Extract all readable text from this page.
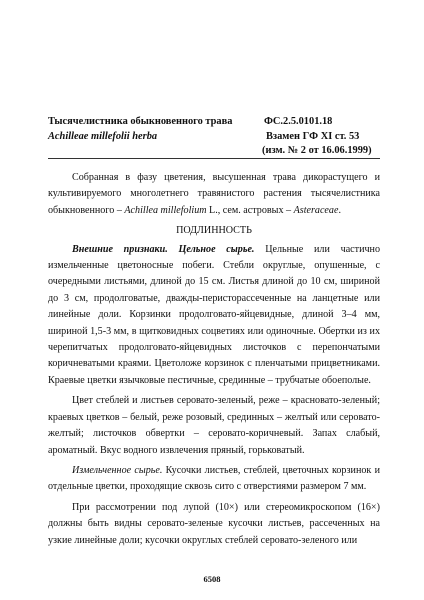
Тысячелистника обыкновенного трава	ФС.2.5.0101.18
Achilleae millefolii herba	Взамен ГФ XI ст. 53
(изм. № 2 от 16.06.1999)

Собранная в фазу цветения, высушенная трава дикорастущего и культивируемого многолетнего травянистого растения тысячелистника обыкновенного – Achillea millefolium L., сем. астровых – Asteraceae.

ПОДЛИННОСТЬ

Внешние признаки. Цельное сырье. Цельные или частично измельченные цветоносные побеги. Стебли округлые, опушенные, с очередными листьями, длиной до 15 см. Листья длиной до 10 см, шириной до 3 см, продолговатые, дважды-перисторассеченные на ланцетные или линейные доли. Корзинки продолговато-яйцевидные, длиной 3–4 мм, шириной 1,5-3 мм, в щитковидных соцветиях или одиночные. Обертки из их черепитчатых продолговато-яйцевидных листочков с перепончатыми коричневатыми краями. Цветоложе корзинок с пленчатыми прицветниками. Краевые цветки язычковые пестичные, срединные – трубчатые обоеполые.

Цвет стеблей и листьев серовато-зеленый, реже – красновато-зеленый; краевых цветков – белый, реже розовый, срединных – желтый или серовато-желтый; листочков обвертки – серовато-коричневый. Запах слабый, ароматный. Вкус водного извлечения пряный, горьковатый.

Измельченное сырье. Кусочки листьев, стеблей, цветочных корзинок и отдельные цветки, проходящие сквозь сито с отверстиями размером 7 мм.

При рассмотрении под лупой (10×) или стереомикроскопом (16×) должны быть видны серовато-зеленые кусочки листьев, рассеченных на узкие линейные доли; кусочки округлых стеблей серовато-зеленого или

6508
